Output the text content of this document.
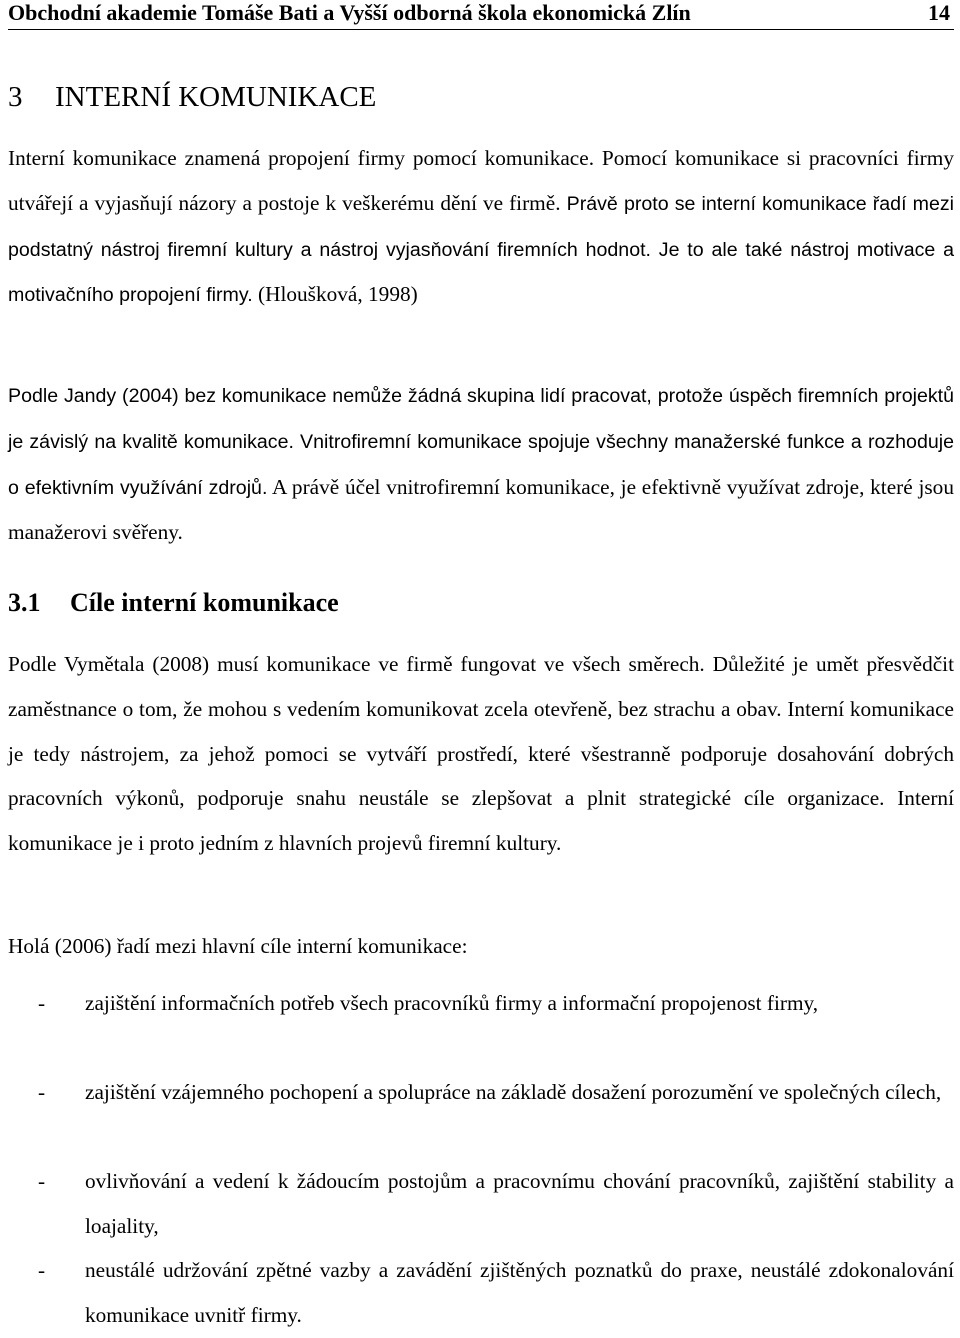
Obchodní akademie Tomáše Bati a Vyšší odborná škola ekonomická Zlín	14
3 INTERNÍ KOMUNIKACE

Interní komunikace znamená propojení firmy pomocí komunikace. Pomocí komunikace si pracovníci firmy utvářejí a vyjasňují názory a postoje k veškerému dění ve firmě. Právě proto se interní komunikace řadí mezi podstatný nástroj firemní kultury a nástroj vyjasňování firemních hodnot. Je to ale také nástroj motivace a motivačního propojení firmy. (Hloušková, 1998)

Podle Jandy (2004) bez komunikace nemůže žádná skupina lidí pracovat, protože úspěch firemních projektů je závislý na kvalitě komunikace. Vnitrofiremní komunikace spojuje všechny manažerské funkce a rozhoduje o efektivním využívání zdrojů. A právě účel vnitrofiremní komunikace, je efektivně využívat zdroje, které jsou manažerovi svěřeny.

3.1 Cíle interní komunikace

Podle Vymětala (2008) musí komunikace ve firmě fungovat ve všech směrech. Důležité je umět přesvědčit zaměstnance o tom, že mohou s vedením komunikovat zcela otevřeně, bez strachu a obav. Interní komunikace je tedy nástrojem, za jehož pomoci se vytváří prostředí, které všestranně podporuje dosahování dobrých pracovních výkonů, podporuje snahu neustále se zlepšovat a plnit strategické cíle organizace. Interní komunikace je i proto jedním z hlavních projevů firemní kultury.

Holá (2006) řadí mezi hlavní cíle interní komunikace:

- zajištění informačních potřeb všech pracovníků firmy a informační propojenost firmy,
- zajištění vzájemného pochopení a spolupráce na základě dosažení porozumění ve společných cílech,
- ovlivňování a vedení k žádoucím postojům a pracovnímu chování pracovníků, zajištění stability a loajality,
- neustálé udržování zpětné vazby a zavádění zjištěných poznatků do praxe, neustálé zdokonalování komunikace uvnitř firmy.
